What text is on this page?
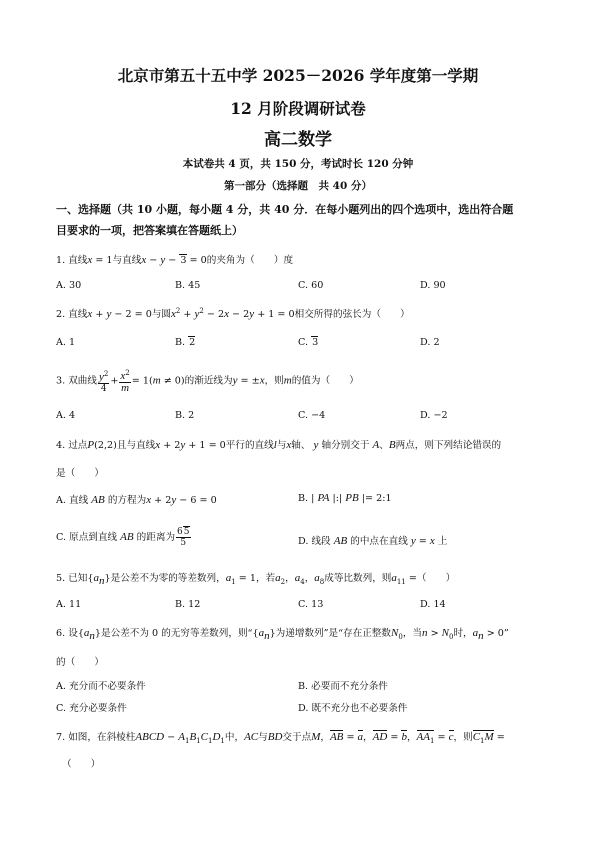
北京市第五十五中学 2025－2026 学年度第一学期
12 月阶段调研试卷
高二数学
本试卷共 4 页，共 150 分，考试时长 120 分钟
第一部分（选择题　共 40 分）
一、选择题（共 10 小题，每小题 4 分，共 40 分．在每小题列出的四个选项中，选出符合题
目要求的一项，把答案填在答题纸上）
1. 直线x = 1与直线x − y − 3 = 0的夹角为（　　）度
A. 30	B. 45	C. 60	D. 90
2. 直线x + y − 2 = 0与圆$x^2 + y^2 - 2x - 2y + 1 = 0$相交所得的弦长为（　　）
A. 1	B. 2	C. 3	D. 2
3. 双曲线 $\frac{y^2}{4} + \frac{x^2}{m} = 1(m \ne 0)$的渐近线为y = ±x，则m的值为（　　）
A. 4	B. 2	C. −4	D. −2
4. 过点P(2,2)且与直线x + 2y + 1 = 0平行的直线l与x轴、 y 轴分别交于 A、B两点，则下列结论错误的
是（　　）
A. 直线 AB 的方程为x + 2y − 6 = 0	B. | PA |:| PB |= 2:1
C. 原点到直线 AB 的距离为 $\frac{65}{5}$	D. 线段 AB 的中点在直线 y = x 上
5. 已知$\{a_n\}$是公差不为零的等差数列，$a_1 = 1$，若$a_2$，$a_4$，$a_8$成等比数列，则$a_{11}$ =（　　）
A. 11	B. 12	C. 13	D. 14
6. 设$\{a_n\}$是公差不为 0 的无穷等差数列，则“$\{a_n\}$为递增数列”是“存在正整数$N_0$，当$n > N_0$时，$a_n > 0$”
的（　　）
A. 充分而不必要条件	B. 必要而不充分条件
C. 充分必要条件	D. 既不充分也不必要条件
7. 如图，在斜棱柱ABCD − $A_1B_1C_1D_1$中，AC与BD交于点M，AB = a，AD = b，$AA_1 = c$，则$C_1M$ =
（　　）
